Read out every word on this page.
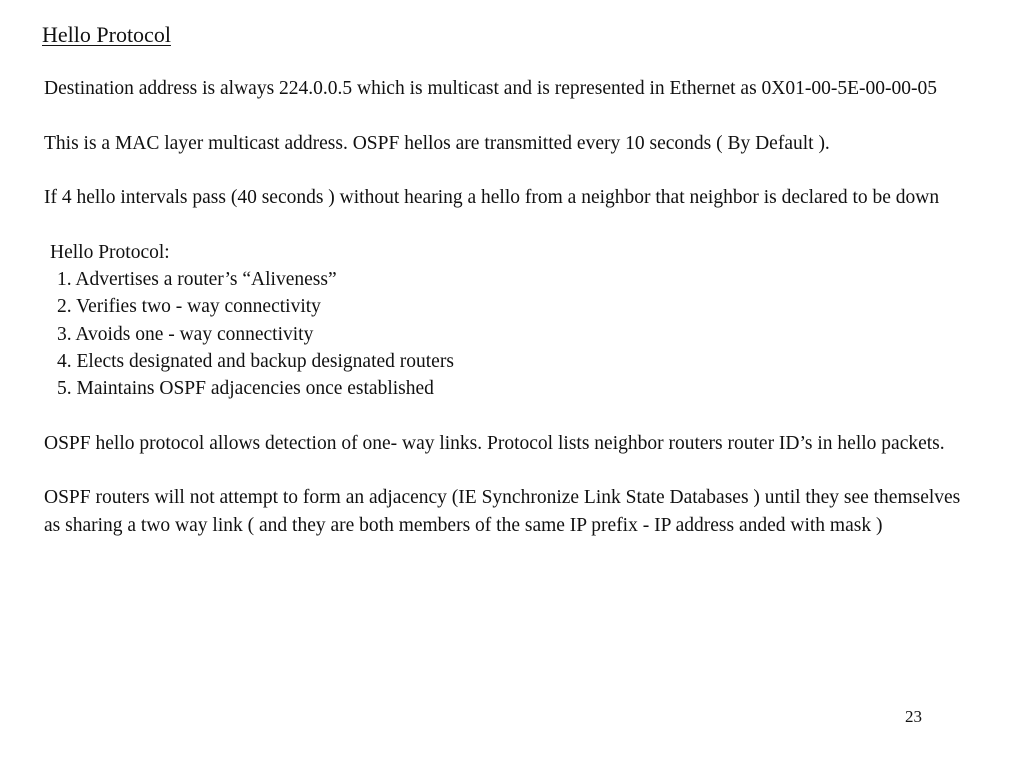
Hello Protocol

Destination address is always 224.0.0.5 which is multicast and is represented in Ethernet as 0X01-00-5E-00-00-05

This is a MAC layer multicast address. OSPF hellos are transmitted every 10 seconds ( By Default ).

If 4 hello intervals pass (40 seconds ) without hearing a hello from a neighbor that neighbor is declared to be down

Hello Protocol:

1. Advertises a router’s “Aliveness”
2. Verifies two - way connectivity
3. Avoids one - way connectivity
4. Elects designated and backup designated routers
5. Maintains OSPF adjacencies once established

OSPF hello protocol allows detection of one- way links. Protocol lists neighbor routers router ID’s in hello packets.

OSPF routers will not attempt to form an adjacency (IE Synchronize Link State Databases ) until they see themselves as sharing a two way link ( and they are both members of the same IP prefix - IP address anded with mask )

23
